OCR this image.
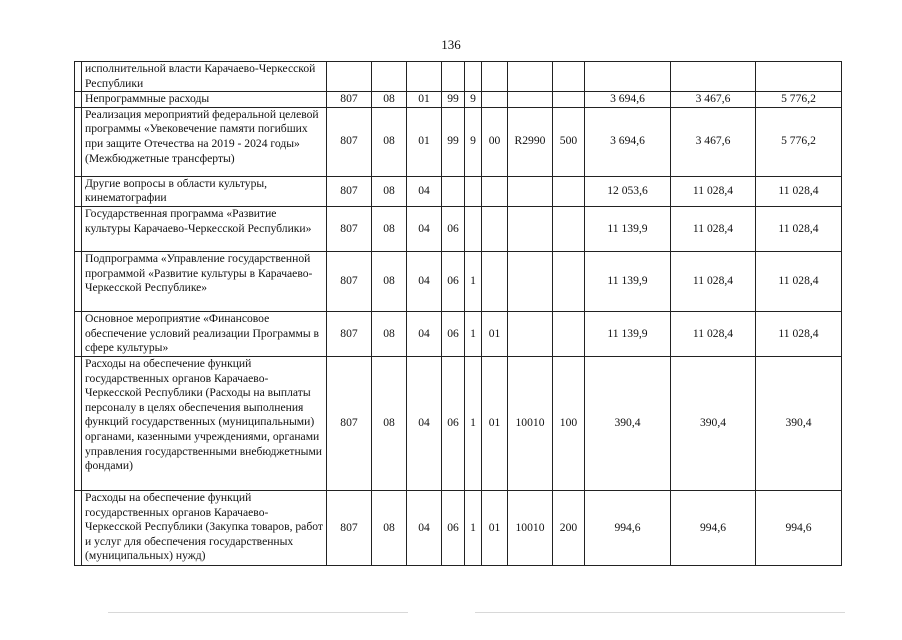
136
	исполнительной власти Карачаево-Черкесской Республики											
	Непрограммные расходы	807	08	01	99	9				3 694,6	3 467,6	5 776,2
	Реализация мероприятий федеральной целевой программы «Увековечение памяти погибших при защите Отечества на 2019 - 2024 годы» (Межбюджетные трансферты)	807	08	01	99	9	00	R2990	500	3 694,6	3 467,6	5 776,2
	Другие вопросы в области культуры, кинематографии	807	08	04						12 053,6	11 028,4	11 028,4
	Государственная программа «Развитие культуры Карачаево-Черкесской Республики»	807	08	04	06					11 139,9	11 028,4	11 028,4
	Подпрограмма «Управление государственной программой «Развитие культуры в Карачаево-Черкесской Республике»	807	08	04	06	1				11 139,9	11 028,4	11 028,4
	Основное мероприятие «Финансовое обеспечение условий реализации Программы в сфере культуры»	807	08	04	06	1	01			11 139,9	11 028,4	11 028,4
	Расходы на обеспечение функций государственных органов Карачаево-Черкесской Республики (Расходы на выплаты персоналу в целях обеспечения выполнения функций государственных (муниципальными) органами, казенными учреждениями, органами управления государственными внебюджетными фондами)	807	08	04	06	1	01	10010	100	390,4	390,4	390,4
	Расходы на обеспечение функций государственных органов Карачаево-Черкесской Республики (Закупка товаров, работ и услуг для обеспечения государственных (муниципальных) нужд)	807	08	04	06	1	01	10010	200	994,6	994,6	994,6
